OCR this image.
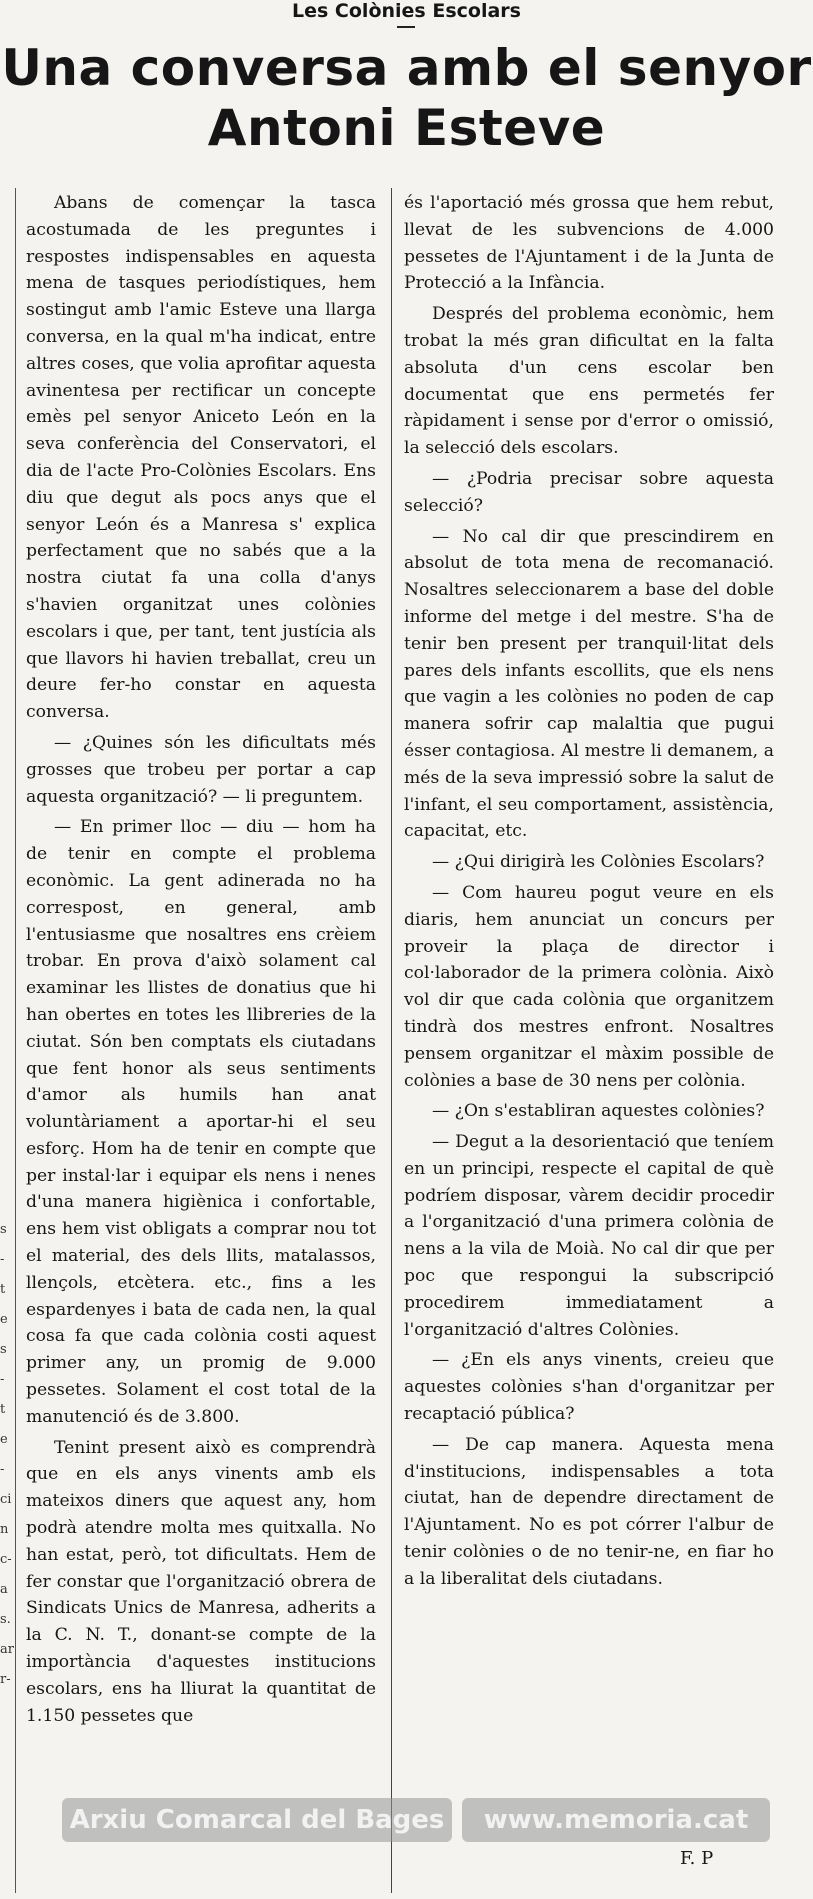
Les Colònies Escolars
Una conversa amb el senyor
Antoni Esteve
s
-
t
e
s
-
t
e
-
ci
n
c-
a
s.
ar
r-

Abans de començar la tasca acostumada de les preguntes i respostes indispensables en aquesta mena de tasques periodístiques, hem sostingut amb l'amic Esteve una llarga conversa, en la qual m'ha indicat, entre altres coses, que volia aprofitar aquesta avinentesa per rectificar un concepte emès pel senyor Aniceto León en la seva conferència del Conservatori, el dia de l'acte Pro-Colònies Escolars. Ens diu que degut als pocs anys que el senyor León és a Manresa s' explica perfectament que no sabés que a la nostra ciutat fa una colla d'anys s'havien organitzat unes colònies escolars i que, per tant, tent justícia als que llavors hi havien treballat, creu un deure fer-ho constar en aquesta conversa.

— ¿Quines són les dificultats més grosses que trobeu per portar a cap aquesta organització? — li preguntem.

— En primer lloc — diu — hom ha de tenir en compte el problema econòmic. La gent adinerada no ha correspost, en general, amb l'entusiasme que nosaltres ens crèiem trobar. En prova d'això solament cal examinar les llistes de donatius que hi han obertes en totes les llibreries de la ciutat. Són ben comptats els ciutadans que fent honor als seus sentiments d'amor als humils han anat voluntàriament a aportar-hi el seu esforç. Hom ha de tenir en compte que per instal·lar i equipar els nens i nenes d'una manera higiènica i confortable, ens hem vist obligats a comprar nou tot el material, des dels llits, matalassos, llençols, etcètera. etc., fins a les espardenyes i bata de cada nen, la qual cosa fa que cada colònia costi aquest primer any, un promig de 9.000 pessetes. Solament el cost total de la manutenció és de 3.800.

Tenint present això es comprendrà que en els anys vinents amb els mateixos diners que aquest any, hom podrà atendre molta mes quitxalla. No han estat, però, tot dificultats. Hem de fer constar que l'organització obrera de Sindicats Unics de Manresa, adherits a la C. N. T., donant-se compte de la importància d'aquestes institucions escolars, ens ha lliurat la quantitat de 1.150 pessetes que

és l'aportació més grossa que hem rebut, llevat de les subvencions de 4.000 pessetes de l'Ajuntament i de la Junta de Protecció a la Infància.

Després del problema econòmic, hem trobat la més gran dificultat en la falta absoluta d'un cens escolar ben documentat que ens permetés fer ràpidament i sense por d'error o omissió, la selecció dels escolars.

— ¿Podria precisar sobre aquesta selecció?

— No cal dir que prescindirem en absolut de tota mena de recomanació. Nosaltres seleccionarem a base del doble informe del metge i del mestre. S'ha de tenir ben present per tranquil·litat dels pares dels infants escollits, que els nens que vagin a les colònies no poden de cap manera sofrir cap malaltia que pugui ésser contagiosa. Al mestre li demanem, a més de la seva impressió sobre la salut de l'infant, el seu comportament, assistència, capacitat, etc.

— ¿Qui dirigirà les Colònies Escolars?

— Com haureu pogut veure en els diaris, hem anunciat un concurs per proveir la plaça de director i col·laborador de la primera colònia. Això vol dir que cada colònia que organitzem tindrà dos mestres enfront. Nosaltres pensem organitzar el màxim possible de colònies a base de 30 nens per colònia.

— ¿On s'establiran aquestes colònies?

— Degut a la desorientació que teníem en un principi, respecte el capital de què podríem disposar, vàrem decidir procedir a l'organització d'una primera colònia de nens a la vila de Moià. No cal dir que per poc que respongui la subscripció procedirem immediatament a l'organització d'altres Colònies.

— ¿En els anys vinents, creieu que aquestes colònies s'han d'organitzar per recaptació pública?

— De cap manera. Aquesta mena d'institucions, indispensables a tota ciutat, han de dependre directament de l'Ajuntament. No es pot córrer l'albur de tenir colònies o de no tenir-ne, en fiar ho a la liberalitat dels ciutadans.

Arxiu Comarcal del Bages	www.memoria.cat
F. P
